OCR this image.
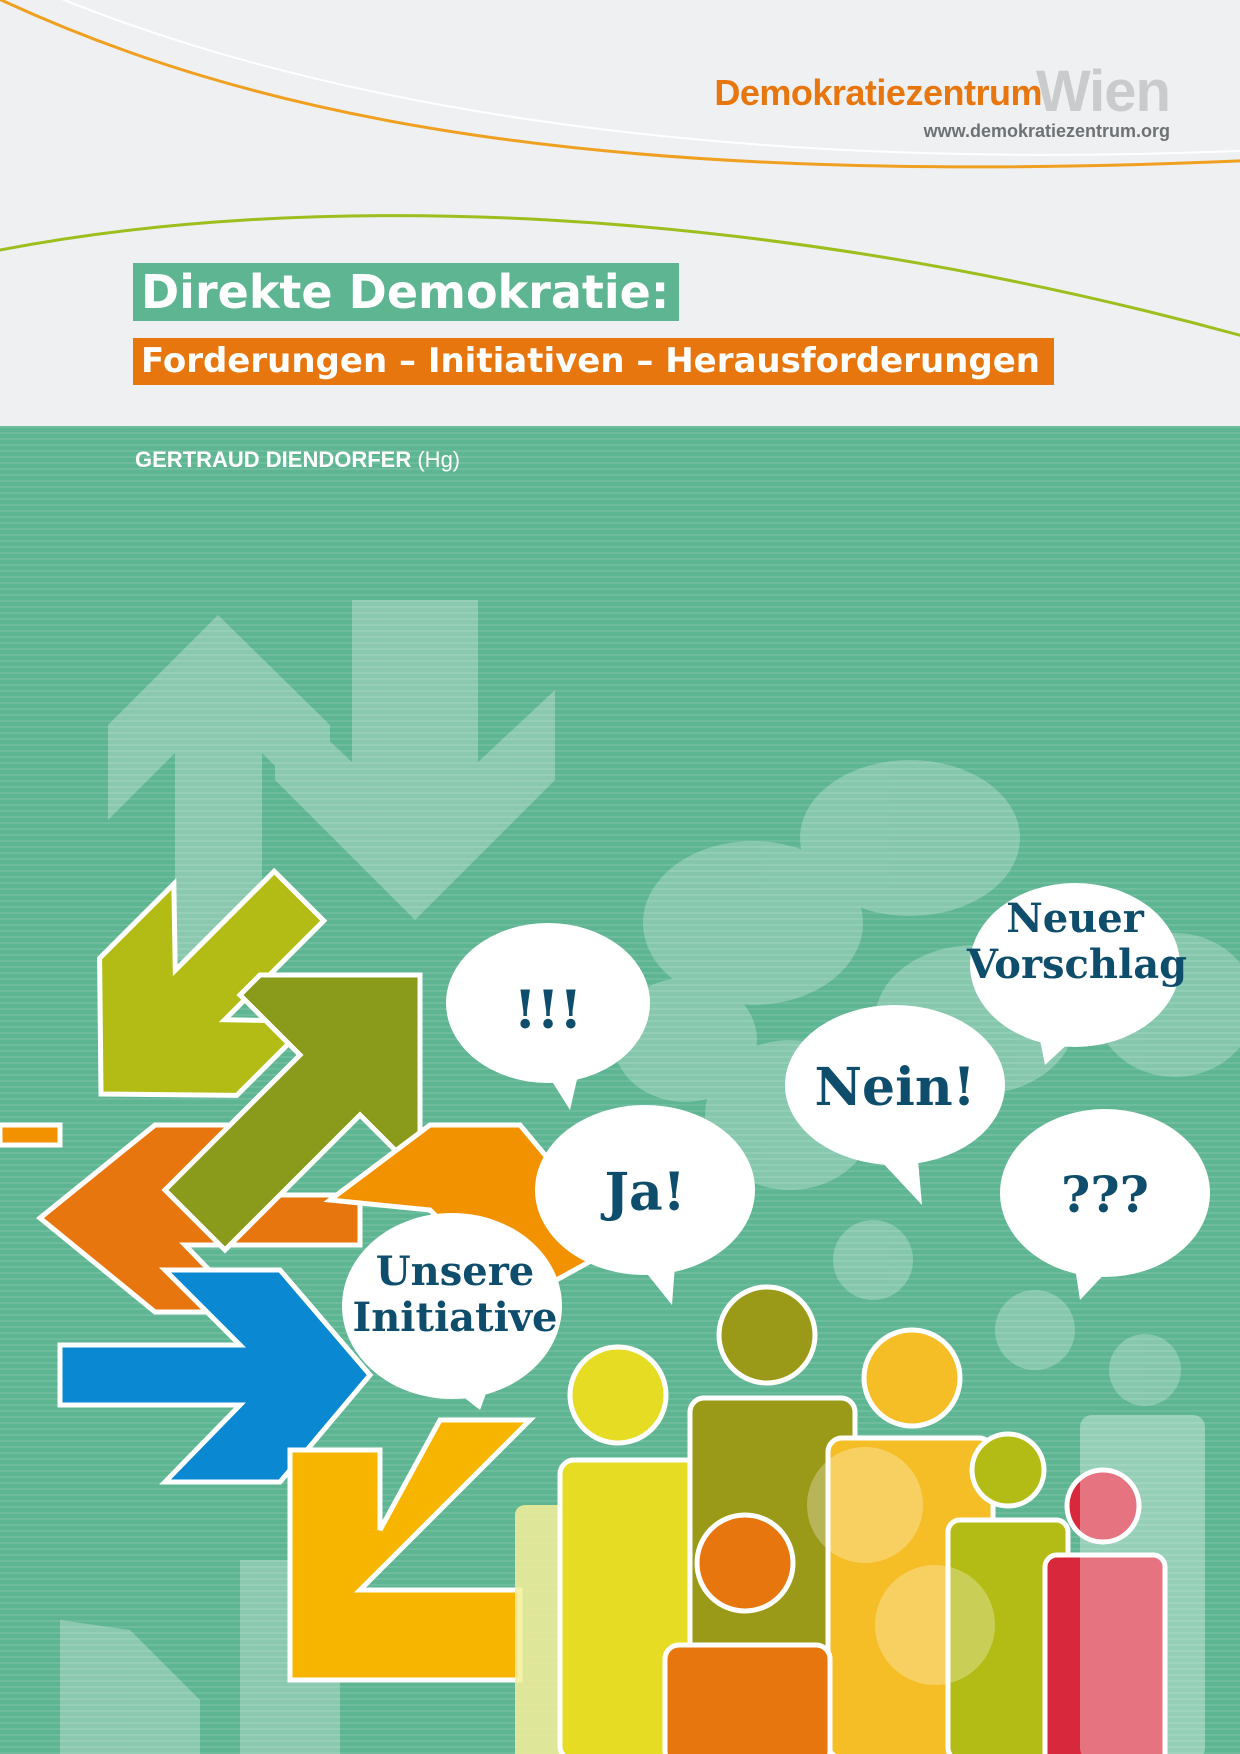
!!!
Ja!
Nein!
Neuer
Vorschlag
???
Unsere
Initiative
DemokratiezentrumWien
www.demokratiezentrum.org
Direkte Demokratie:
Forderungen – Initiativen – Herausforderungen
GERTRAUD DIENDORFER (Hg)
